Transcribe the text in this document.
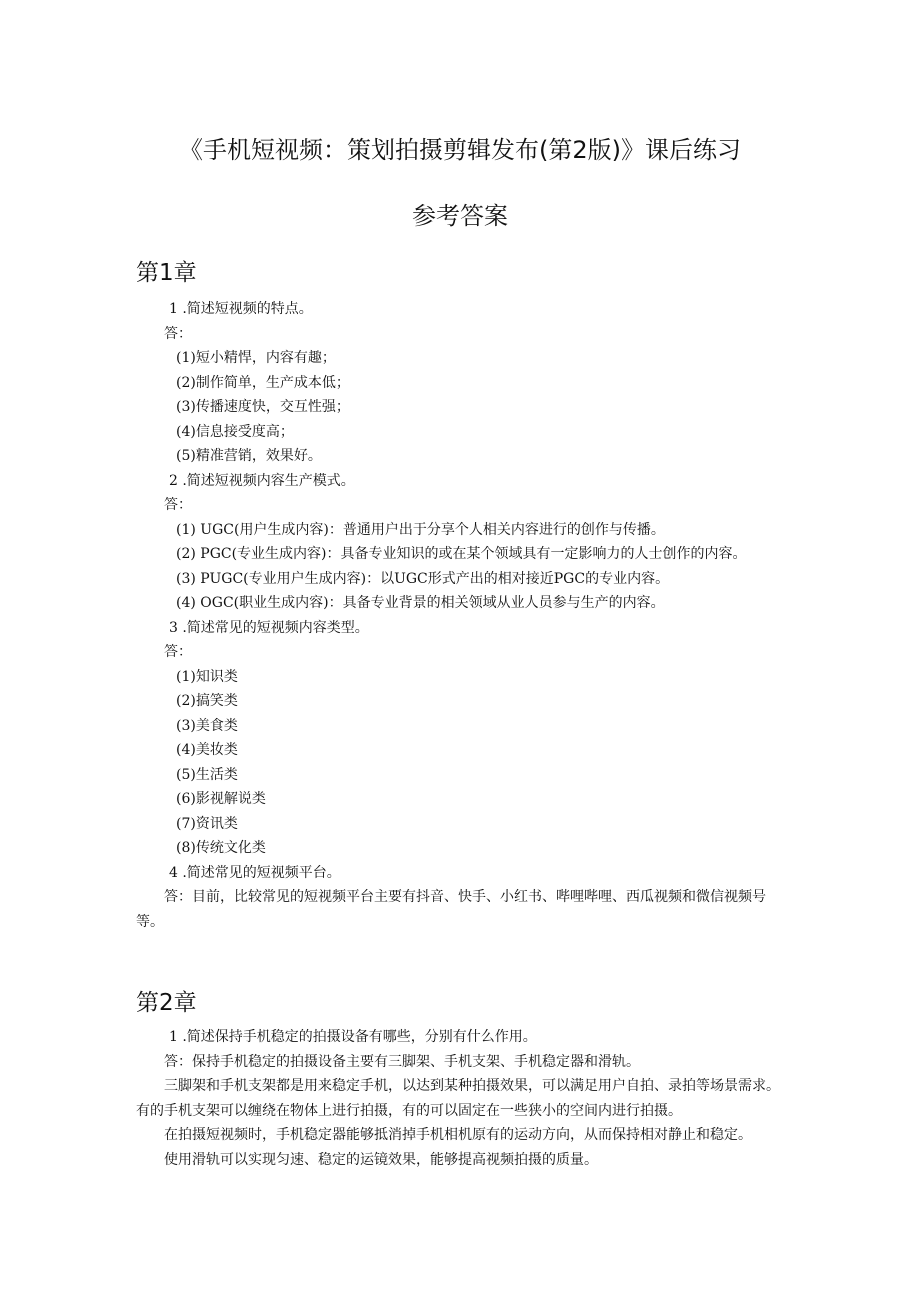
《手机短视频：策划拍摄剪辑发布(第2版)》课后练习
参考答案
第1章

1 .简述短视频的特点。

答：

(1)短小精悍，内容有趣；

(2)制作简单，生产成本低；

(3)传播速度快，交互性强；

(4)信息接受度高；

(5)精准营销，效果好。

2 .简述短视频内容生产模式。

答：

(1) UGC(用户生成内容)：普通用户出于分享个人相关内容进行的创作与传播。

(2) PGC(专业生成内容)：具备专业知识的或在某个领域具有一定影响力的人士创作的内容。

(3) PUGC(专业用户生成内容)：以UGC形式产出的相对接近PGC的专业内容。

(4) OGC(职业生成内容)：具备专业背景的相关领域从业人员参与生产的内容。

3 .简述常见的短视频内容类型。

答：

(1)知识类

(2)搞笑类

(3)美食类

(4)美妆类

(5)生活类

(6)影视解说类

(7)资讯类

(8)传统文化类

4 .简述常见的短视频平台。

答：目前，比较常见的短视频平台主要有抖音、快手、小红书、哔哩哔哩、西瓜视频和微信视频号等。

第2章

1 .简述保持手机稳定的拍摄设备有哪些，分别有什么作用。

答：保持手机稳定的拍摄设备主要有三脚架、手机支架、手机稳定器和滑轨。

三脚架和手机支架都是用来稳定手机，以达到某种拍摄效果，可以满足用户自拍、录拍等场景需求。有的手机支架可以缠绕在物体上进行拍摄，有的可以固定在一些狭小的空间内进行拍摄。

在拍摄短视频时，手机稳定器能够抵消掉手机相机原有的运动方向，从而保持相对静止和稳定。

使用滑轨可以实现匀速、稳定的运镜效果，能够提高视频拍摄的质量。
